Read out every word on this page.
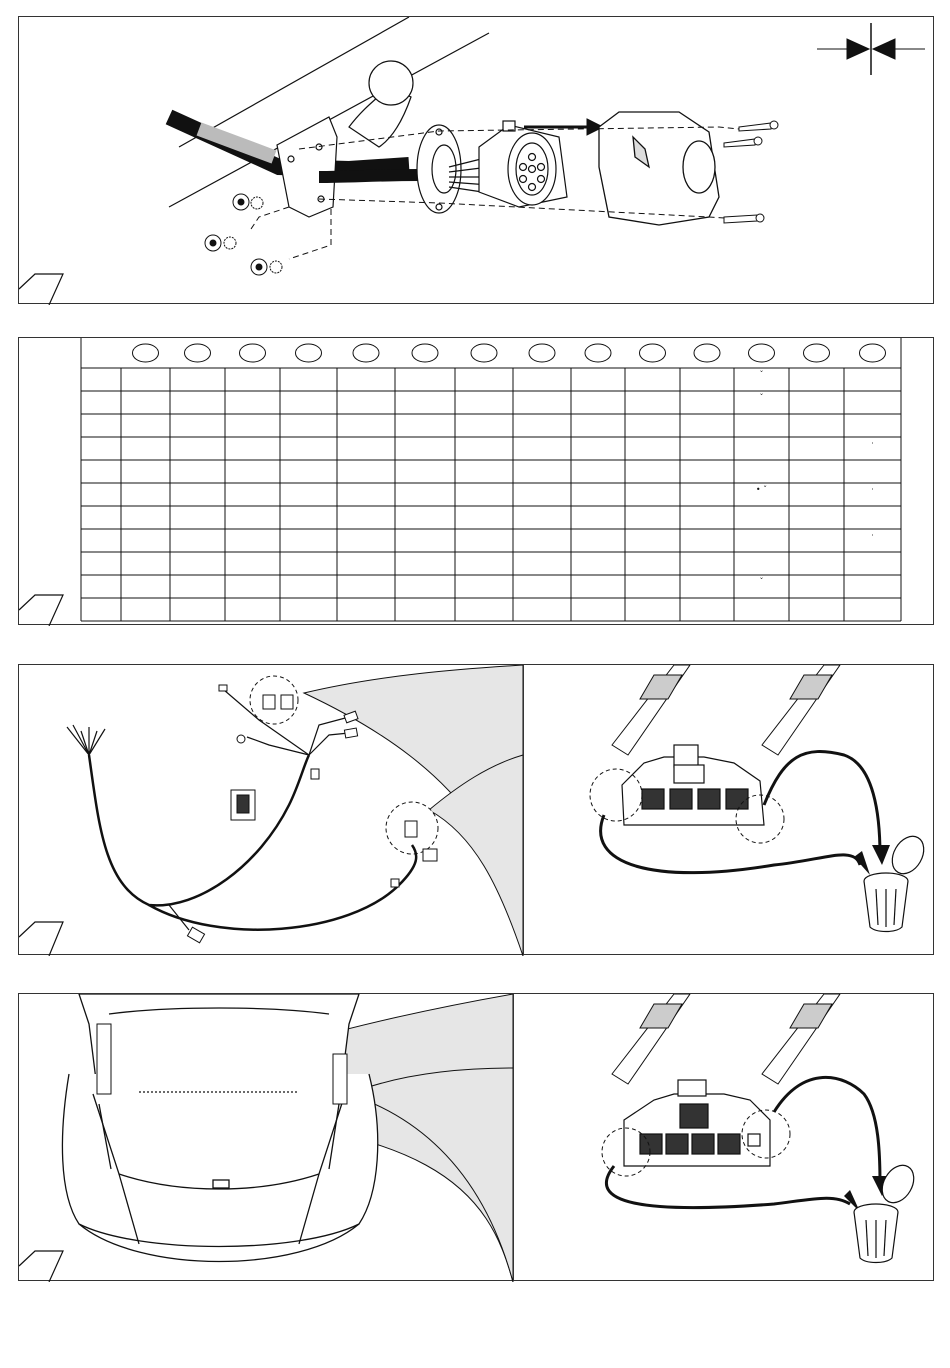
ˇ
ˇ
·
• ˇ	·
·
ˇ
